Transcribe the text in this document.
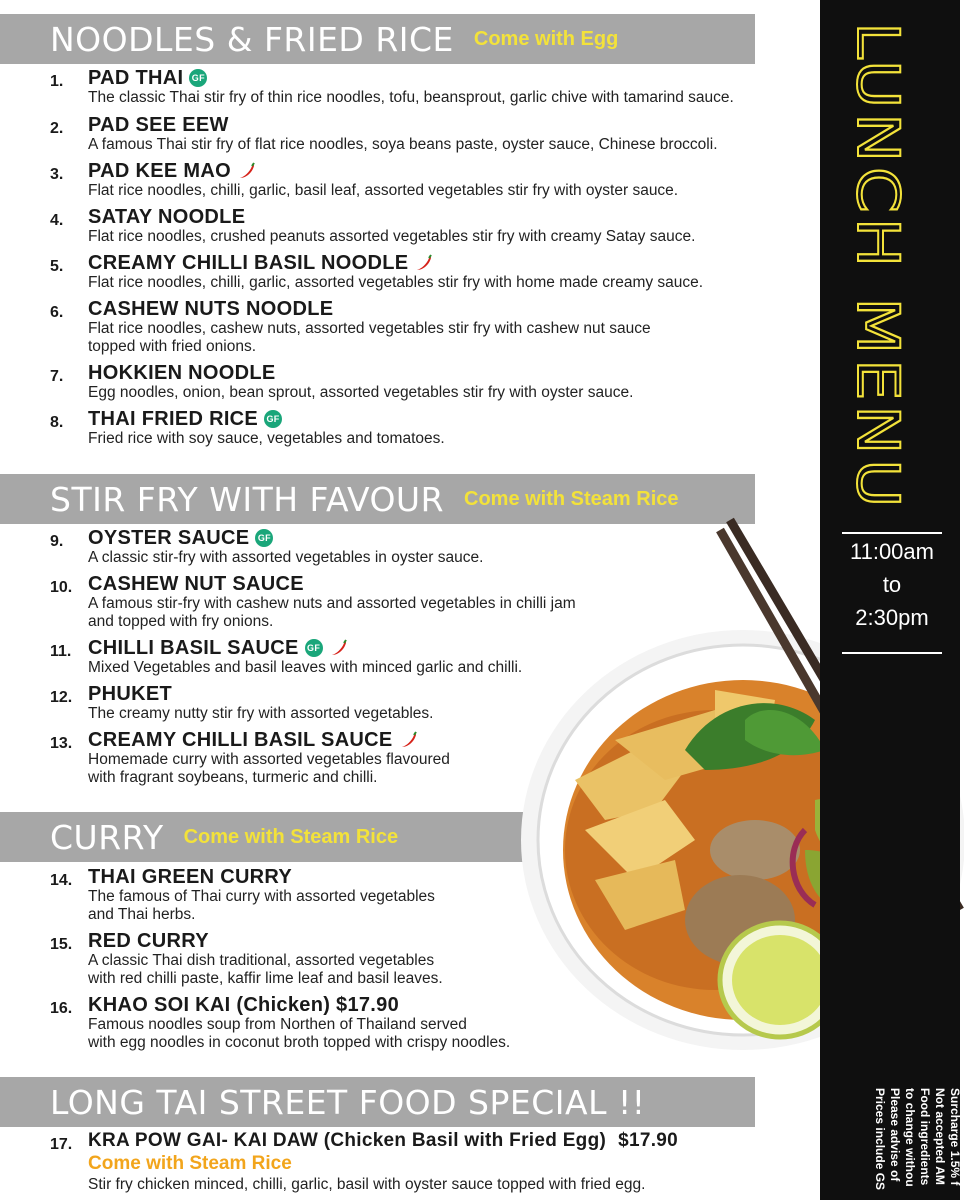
NOODLES & FRIED RICE Come with Egg
STIR FRY WITH FAVOUR Come with Steam Rice
CURRY Come with Steam Rice
LONG TAI STREET FOOD SPECIAL !!
1.	PAD THAI GF
The classic Thai stir fry of thin rice noodles, tofu, beansprout, garlic chive with tamarind sauce.
2.	PAD SEE EEW
A famous Thai stir fry of flat rice noodles, soya beans paste, oyster sauce, Chinese broccoli.
3.	PAD KEE MAO
Flat rice noodles, chilli, garlic, basil leaf, assorted vegetables stir fry with oyster sauce.
4.	SATAY NOODLE
Flat rice noodles, crushed peanuts assorted vegetables stir fry with creamy Satay sauce.
5.	CREAMY CHILLI BASIL NOODLE
Flat rice noodles, chilli, garlic, assorted vegetables stir fry with home made creamy sauce.
6.	CASHEW NUTS NOODLE
Flat rice noodles, cashew nuts, assorted vegetables stir fry with cashew nut sauce
topped with fried onions.
7.	HOKKIEN NOODLE
Egg noodles, onion, bean sprout, assorted vegetables stir fry with oyster sauce.
8.	THAI FRIED RICE GF
Fried rice with soy sauce, vegetables and tomatoes.
9.	OYSTER SAUCE GF
A classic stir-fry with assorted vegetables in oyster sauce.
10. CASHEW NUT SAUCE
A famous stir-fry with cashew nuts and assorted vegetables in chilli jam
and topped with fry onions.
11. CHILLI BASIL SAUCE GF
Mixed Vegetables and basil leaves with minced garlic and chilli.
12. PHUKET
The creamy nutty stir fry with assorted vegetables.
13. CREAMY CHILLI BASIL SAUCE
Homemade curry with assorted vegetables flavoured
with fragrant soybeans, turmeric and chilli.
14. THAI GREEN CURRY
The famous of Thai curry with assorted vegetables
and Thai herbs.
15. RED CURRY
A classic Thai dish traditional, assorted vegetables
with red chilli paste, kaffir lime leaf and basil leaves.
16. KHAO SOI KAI (Chicken) $17.90
Famous noodles soup from Northen of Thailand served
with egg noodles in coconut broth topped with crispy noodles.
17. KRA POW GAI- KAI DAW (Chicken Basil with Fried Egg) $17.90
Come with Steam Rice
Stir fry chicken minced, chilli, garlic, basil with oyster sauce topped with fried egg.
LUNCH MENU
11:00am
to
2:30pm
Surcharge 1.5% f
Not accepted AM
Food ingredients
to change withou
Please advise of
Prices include GS
